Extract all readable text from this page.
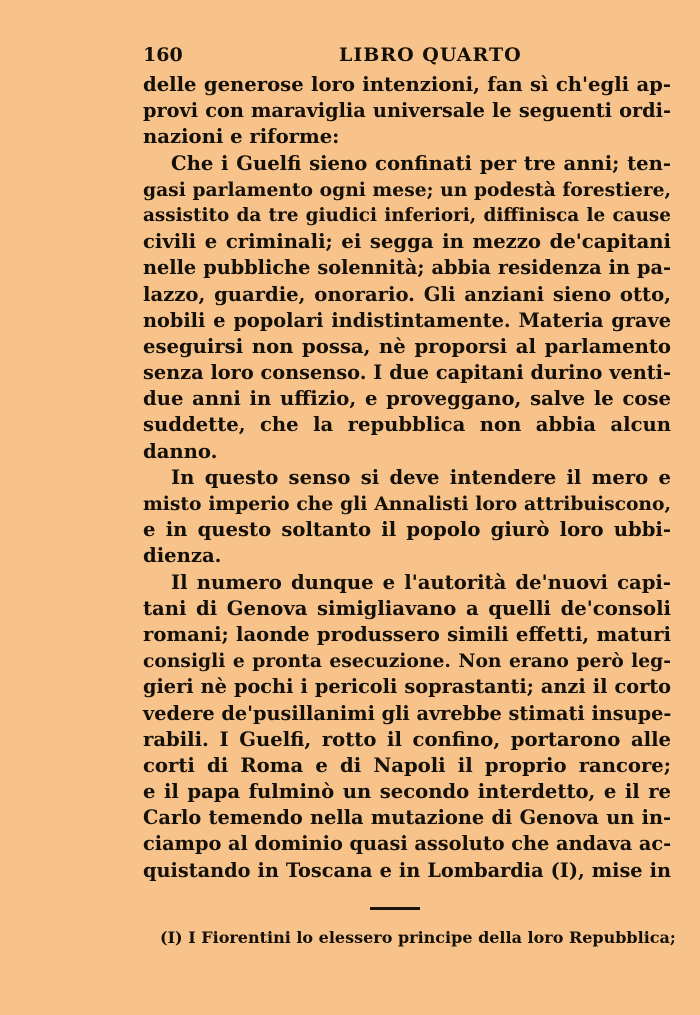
160	LIBRO QUARTO
delle generose loro intenzioni, fan sì ch'egli ap-
provi con maraviglia universale le seguenti ordi-
nazioni e riforme:
Che i Guelfi sieno confinati per tre anni; ten-
gasi parlamento ogni mese; un podestà forestiere,
assistito da tre giudici inferiori, diffinisca le cause
civili e criminali; ei segga in mezzo de'capitani
nelle pubbliche solennità; abbia residenza in pa-
lazzo, guardie, onorario. Gli anziani sieno otto,
nobili e popolari indistintamente. Materia grave
eseguirsi non possa, nè proporsi al parlamento
senza loro consenso. I due capitani durino venti-
due anni in uffizio, e proveggano, salve le cose
suddette, che la repubblica non abbia alcun
danno.
In questo senso si deve intendere il mero e
misto imperio che gli Annalisti loro attribuiscono,
e in questo soltanto il popolo giurò loro ubbi-
dienza.
Il numero dunque e l'autorità de'nuovi capi-
tani di Genova simigliavano a quelli de'consoli
romani; laonde produssero simili effetti, maturi
consigli e pronta esecuzione. Non erano però leg-
gieri nè pochi i pericoli soprastanti; anzi il corto
vedere de'pusillanimi gli avrebbe stimati insupe-
rabili. I Guelfi, rotto il confino, portarono alle
corti di Roma e di Napoli il proprio rancore;
e il papa fulminò un secondo interdetto, e il re
Carlo temendo nella mutazione di Genova un in-
ciampo al dominio quasi assoluto che andava ac-
quistando in Toscana e in Lombardia (I), mise in
(I) I Fiorentini lo elessero principe della loro Repubblica;
